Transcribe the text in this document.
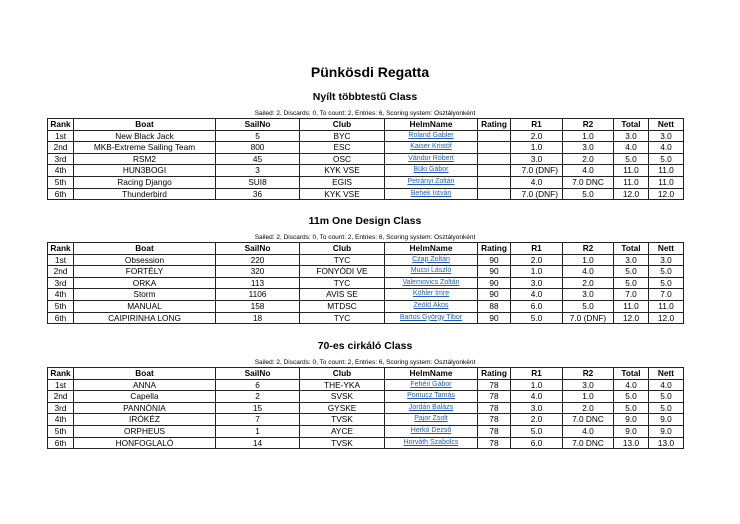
Pünkösdi Regatta
Nyílt többtestű Class
Sailed: 2, Discards: 0, To count: 2, Entries: 6, Scoring system: Osztályonként
Rank	Boat	SailNo	Club	HelmName	Rating	R1	R2	Total	Nett
1st	New Black Jack	5	BYC	Roland Gabler		2.0	1.0	3.0	3.0
2nd	MKB-Extreme Sailing Team	800	ESC	Kaiser Kristóf		1.0	3.0	4.0	4.0
3rd	RSM2	45	OSC	Vándor Róbert		3.0	2.0	5.0	5.0
4th	HUN3BOGI	3	KYK VSE	Büki Gábor		7.0 (DNF)	4.0	11.0	11.0
5th	Racing Django	SUI8	EGIS	Petrányi Zoltán		4.0	7.0 DNC	11.0	11.0
6th	Thunderbird	36	KYK VSE	Behek István		7.0 (DNF)	5.0	12.0	12.0
11m One Design Class
Sailed: 2, Discards: 0, To count: 2, Entries: 6, Scoring system: Osztályonként
Rank	Boat	SailNo	Club	HelmName	Rating	R1	R2	Total	Nett
1st	Obsession	220	TYC	Czap Zoltán	90	2.0	1.0	3.0	3.0
2nd	FORTÉLY	320	FONYÓDI VE	Mucsi László	90	1.0	4.0	5.0	5.0
3rd	ORKA	113	TYC	Valernovics Zoltán	90	3.0	2.0	5.0	5.0
4th	Storm	1106	AVIS SE	Köhler Imre	90	4.0	3.0	7.0	7.0
5th	MANUAL	158	MTDSC	Zeöld Ákos	88	6.0	5.0	11.0	11.0
6th	CAIPIRINHA LONG	18	TYC	Bartos György Tibor	90	5.0	7.0 (DNF)	12.0	12.0
70-es cirkáló Class
Sailed: 2, Discards: 0, To count: 2, Entries: 6, Scoring system: Osztályonként
Rank	Boat	SailNo	Club	HelmName	Rating	R1	R2	Total	Nett
1st	ANNA	6	THE-YKA	Fehéri Gábor	78	1.0	3.0	4.0	4.0
2nd	Capella	2	SVSK	Pomucz Tamás	78	4.0	1.0	5.0	5.0
3rd	PANNÓNIA	15	GYSKE	Jordán Balázs	78	3.0	2.0	5.0	5.0
4th	IRÓKÉZ	7	TVSK	Pajor Zsolt	78	2.0	7.0 DNC	9.0	9.0
5th	ORPHEUS	1	AYCE	Herkó Dezső	78	5.0	4.0	9.0	9.0
6th	HONFOGLALÓ	14	TVSK	Horváth Szabolcs	78	6.0	7.0 DNC	13.0	13.0
